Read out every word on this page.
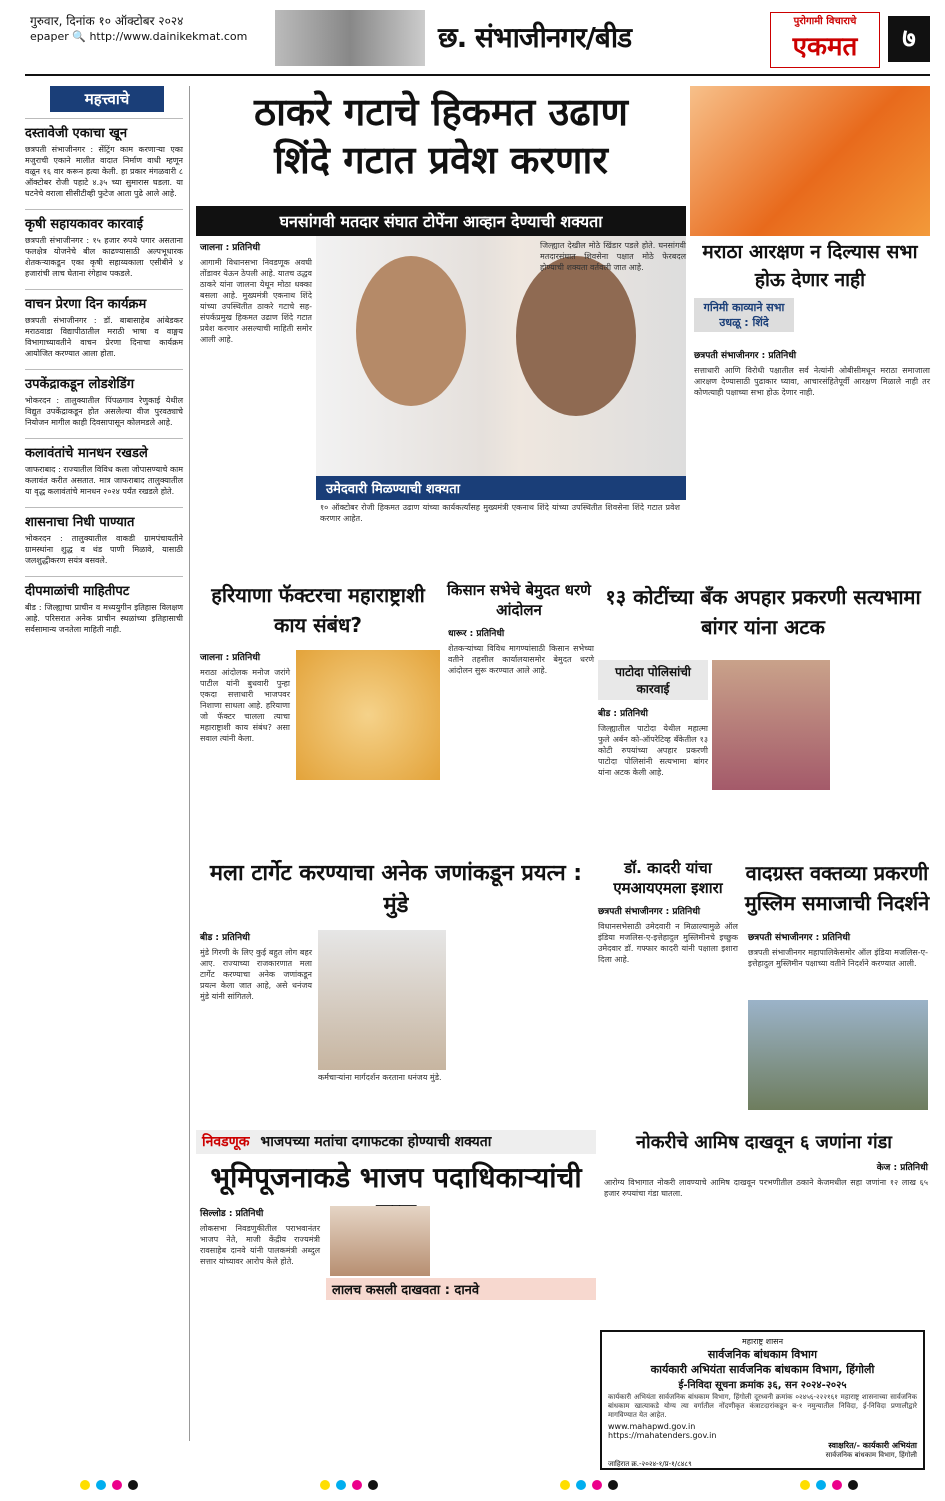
गुरुवार, दिनांक १० ऑक्टोबर २०२४
epaper 🔍 http://www.dainikekmat.com	छ. संभाजीनगर/बीड	पुरोगामी विचाराचे
एकमत	७
महत्त्वाचे
दस्तावेजी एकाचा खून

छत्रपती संभाजीनगर : सेंट्रिंग काम करणाऱ्या एका मजुराची एकाने मालीत वादात निर्माण वाधी म्हणून वळून १६ वार करून हत्या केली. हा प्रकार मंगळवारी ८ ऑक्टोबर रोजी पहाटे ४.३५ च्या सुमारास घडला. या घटनेचे वराला सीसीटीव्ही फुटेज आता पुढे आले आहे.

कृषी सहायकावर कारवाई

छत्रपती संभाजीनगर : १५ हजार रुपये पगार असताना फलक्षेत्र योजनेचे बील काढण्यासाठी अल्पभूधारक शेतकऱ्याकडून एका कृषी सहाय्यकाला एसीबीने ४ हजारांची लाच घेताना रंगेहाथ पकडले.

वाचन प्रेरणा दिन कार्यक्रम

छत्रपती संभाजीनगर : डॉ. बाबासाहेब आंबेडकर मराठवाडा विद्यापीठातील मराठी भाषा व वाङ्मय विभागाच्यावतीने वाचन प्रेरणा दिनाचा कार्यक्रम आयोजित करण्यात आला होता.

उपकेंद्राकडून लोडशेडिंग

भोकरदन : तालुक्यातील पिंपळगाव रेणुकाई येथील विद्युत उपकेंद्राकडून होत असलेल्या वीज पुरवठ्याचे नियोजन मागील काही दिवसापासून कोलमडले आहे.

कलावंतांचे मानधन रखडले

जाफराबाद : राज्यातील विविध कला जोपासण्याचे काम कलावंत करीत असतात. मात्र जाफराबाद तालुक्यातील या वृद्ध कलावंतांचे मानधन २०२४ पर्यंत रखडले होते.

शासनाचा निधी पाण्यात

भोकरदन : तालुक्यातील वाकडी ग्रामपंचायतीने ग्रामस्थांना शुद्ध व थंड पाणी मिळावे, यासाठी जलशुद्धीकरण सयंत्र बसवले.

दीपमाळांची माहितीपट

बीड : जिल्ह्याचा प्राचीन व मध्ययुगीन इतिहास विलक्षण आहे. परिसरात अनेक प्राचीन स्थळांच्या इतिहासाची सर्वसामान्य जनतेला माहिती नाही.

ठाकरे गटाचे हिकमत उढाण
शिंदे गटात प्रवेश करणार
घनसांगवी मतदार संघात टोपेंना आव्हान देण्याची शक्यता
जालना : प्रतिनिधी

आगामी विधानसभा निवडणूक अवघी तोंडावर येऊन ठेपली आहे. यातच उद्धव ठाकरे यांना जालना येथून मोठा धक्का बसला आहे. मुख्यमंत्री एकनाथ शिंदे यांच्या उपस्थितीत ठाकरे गटाचे सह-संपर्कप्रमुख हिकमत उढाण शिंदे गटात प्रवेश करणार असल्याची माहिती समोर आली आहे.

उमेदवारी मिळण्याची शक्यता

१० ऑक्टोबर रोजी हिकमत उढाण यांच्या कार्यकर्त्यांसह मुख्यमंत्री एकनाथ शिंदे यांच्या उपस्थितीत शिवसेना शिंदे गटात प्रवेश करणार आहेत.

जिल्ह्यात देखील मोठे खिंडार पडले होते. घनसांगवी मतदारसंघात शिवसेना पक्षात मोठे फेरबदल होण्याची शक्यता वर्तवली जात आहे.

मराठा आरक्षण न दिल्यास सभा होऊ देणार नाही
गनिमी काव्याने सभा उधळू : शिंदे
छत्रपती संभाजीनगर : प्रतिनिधी

सत्ताधारी आणि विरोधी पक्षातील सर्व नेत्यांनी ओबीसीमधून मराठा समाजाला आरक्षण देण्यासाठी पुढाकार घ्यावा, आचारसंहितेपूर्वी आरक्षण मिळाले नाही तर कोणत्याही पक्षाच्या सभा होऊ देणार नाही.

हरियाणा फॅक्टरचा महाराष्ट्राशी काय संबंध?
जालना : प्रतिनिधी

मराठा आंदोलक मनोज जरांगे पाटील यांनी बुधवारी पुन्हा एकदा सत्ताधारी भाजपवर निशाणा साधला आहे. हरियाणा जो फॅक्टर चालला त्याचा महाराष्ट्राशी काय संबंध? असा सवाल त्यांनी केला.

किसान सभेचे बेमुदत धरणे आंदोलन
धारूर : प्रतिनिधी

शेतकऱ्यांच्या विविध मागण्यांसाठी किसान सभेच्या वतीने तहसील कार्यालयासमोर बेमुदत धरणे आंदोलन सुरू करण्यात आले आहे.

१३ कोटींच्या बँक अपहार प्रकरणी सत्यभामा बांगर यांना अटक
पाटोदा पोलिसांची कारवाई
बीड : प्रतिनिधी

जिल्ह्यातील पाटोदा येथील महात्मा फुले अर्बन को-ऑपरेटिव्ह बँकेतील १३ कोटी रुपयांच्या अपहार प्रकरणी पाटोदा पोलिसांनी सत्यभामा बांगर यांना अटक केली आहे.

मला टार्गेट करण्याचा अनेक जणांकडून प्रयत्न : मुंडे
बीड : प्रतिनिधी

मुंडे गिरणी के लिए कुई बहुत लोग बहर आए. राज्याच्या राजकारणात मला टार्गेट करण्याचा अनेक जणांकडून प्रयत्न केला जात आहे, असे धनंजय मुंडे यांनी सांगितले.

कर्मचाऱ्यांना मार्गदर्शन करताना धनंजय मुंडे.
डॉ. कादरी यांचा एमआयएमला इशारा
छत्रपती संभाजीनगर : प्रतिनिधी

विधानसभेसाठी उमेदवारी न मिळाल्यामुळे ऑल इंडिया मजलिस-ए-इत्तेहादुल मुस्लिमीनचे इच्छुक उमेदवार डॉ. गफ्फार कादरी यांनी पक्षाला इशारा दिला आहे.

वादग्रस्त वक्तव्या प्रकरणी मुस्लिम समाजाची निदर्शने
छत्रपती संभाजीनगर : प्रतिनिधी

छत्रपती संभाजीनगर महापालिकेसमोर ऑल इंडिया मजलिस-ए-इत्तेहादुल मुस्लिमीन पक्षाच्या वतीने निदर्शने करण्यात आली.

निवडणूक भाजपच्या मतांचा दगाफटका होण्याची शक्यता
भूमिपूजनाकडे भाजप पदाधिकाऱ्यांची
सिल्लोड : प्रतिनिधी

लोकसभा निवडणुकीतील पराभवानंतर भाजप नेते, माजी केंद्रीय राज्यमंत्री रावसाहेब दानवे यांनी पालकमंत्री अब्दुल सत्तार यांच्यावर आरोप केले होते.

लालच कसली दाखवता : दानवे
नोकरीचे आमिष दाखवून ६ जणांना गंडा
केज : प्रतिनिधी

आरोग्य विभागात नोकरी लावण्याचे आमिष दाखवून परभणीतील ठकाने केजमधील सहा जणांना १२ लाख ६५ हजार रुपयांचा गंडा घातला.

महाराष्ट्र शासन
सार्वजनिक बांधकाम विभाग
कार्यकारी अभियंता सार्वजनिक बांधकाम विभाग, हिंगोली
ई-निविदा सूचना क्रमांक ३६, सन २०२४-२०२५

कार्यकारी अभियंता सार्वजनिक बांधकाम विभाग, हिंगोली दूरध्वनी क्रमांक ०२४५६-२२२१६१ महाराष्ट्र शासनाच्या सार्वजनिक बांधकाम खात्याकडे योग्य त्या वर्गातील नोंदणीकृत कंत्राटदारांकडून ब-१ नमुन्यातील निविदा, ई-निविदा प्रणालीद्वारे मागविण्यात येत आहेत.

www.mahapwd.gov.in
https://mahatenders.gov.in
स्वाक्षरित/- कार्यकारी अभियंता
सार्वजनिक बांधकाम विभाग, हिंगोली
जाहिरात क्र.-२०२४-१/प्र-१/८४८९
